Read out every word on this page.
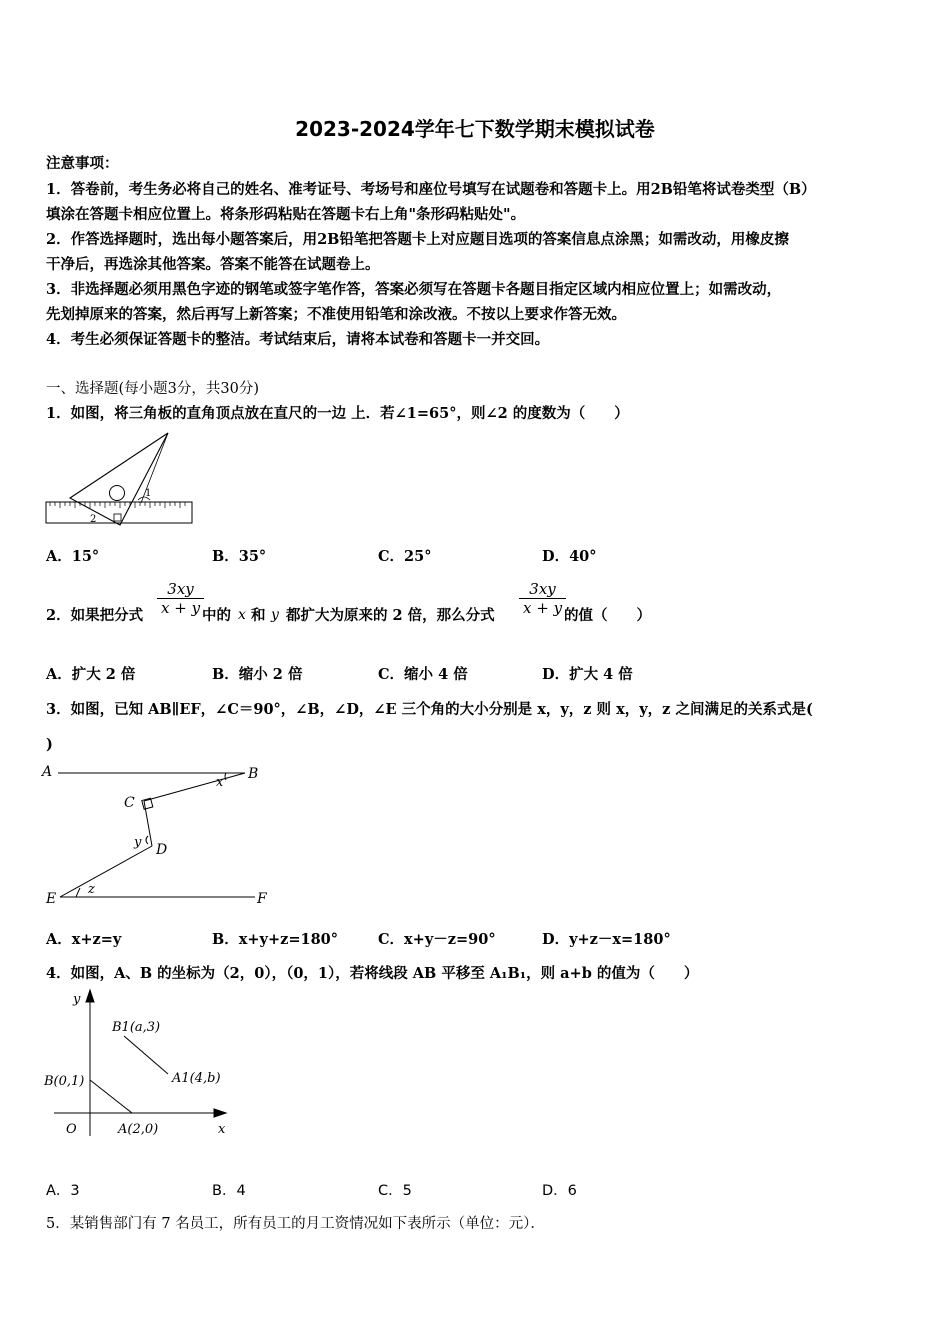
2023-2024学年七下数学期末模拟试卷
注意事项：
1．答卷前，考生务必将自己的姓名、准考证号、考场号和座位号填写在试题卷和答题卡上。用2B铅笔将试卷类型（B）
填涂在答题卡相应位置上。将条形码粘贴在答题卡右上角"条形码粘贴处"。
2．作答选择题时，选出每小题答案后，用2B铅笔把答题卡上对应题目选项的答案信息点涂黑；如需改动，用橡皮擦
干净后，再选涂其他答案。答案不能答在试题卷上。
3．非选择题必须用黑色字迹的钢笔或签字笔作答，答案必须写在答题卡各题目指定区域内相应位置上；如需改动，
先划掉原来的答案，然后再写上新答案；不准使用铅笔和涂改液。不按以上要求作答无效。
4．考生必须保证答题卡的整洁。考试结束后，请将本试卷和答题卡一并交回。
一、选择题(每小题3分，共30分)
1．如图，将三角板的直角顶点放在直尺的一边 上．若∠1=65°，则∠2 的度数为（　　）
1
2
A．15°	B．35°	C．25°	D．40°
2．如果把分式
3xy
x + y 中的 x 和 y 都扩大为原来的 2 倍，那么分式
3xy
x + y 的值（　　）
A．扩大 2 倍	B．缩小 2 倍	C．缩小 4 倍	D．扩大 4 倍
3．如图，已知 AB∥EF，∠C＝90°，∠B，∠D，∠E 三个角的大小分别是 x，y，z 则 x，y，z 之间满足的关系式是(
)
A	B
C
D
E	F
x
y
z
A．x+z=y	B．x+y+z=180°	C．x+y－z=90°	D．y+z－x=180°
4．如图，A、B 的坐标为（2，0），（0，1），若将线段 AB 平移至 A₁B₁，则 a+b 的值为（　　）
y
x
O
B(0,1)
A(2,0)
B1(a,3)
A1(4,b)
A．3	B．4	C．5	D．6
5．某销售部门有 7 名员工，所有员工的月工资情况如下表所示（单位：元）．
